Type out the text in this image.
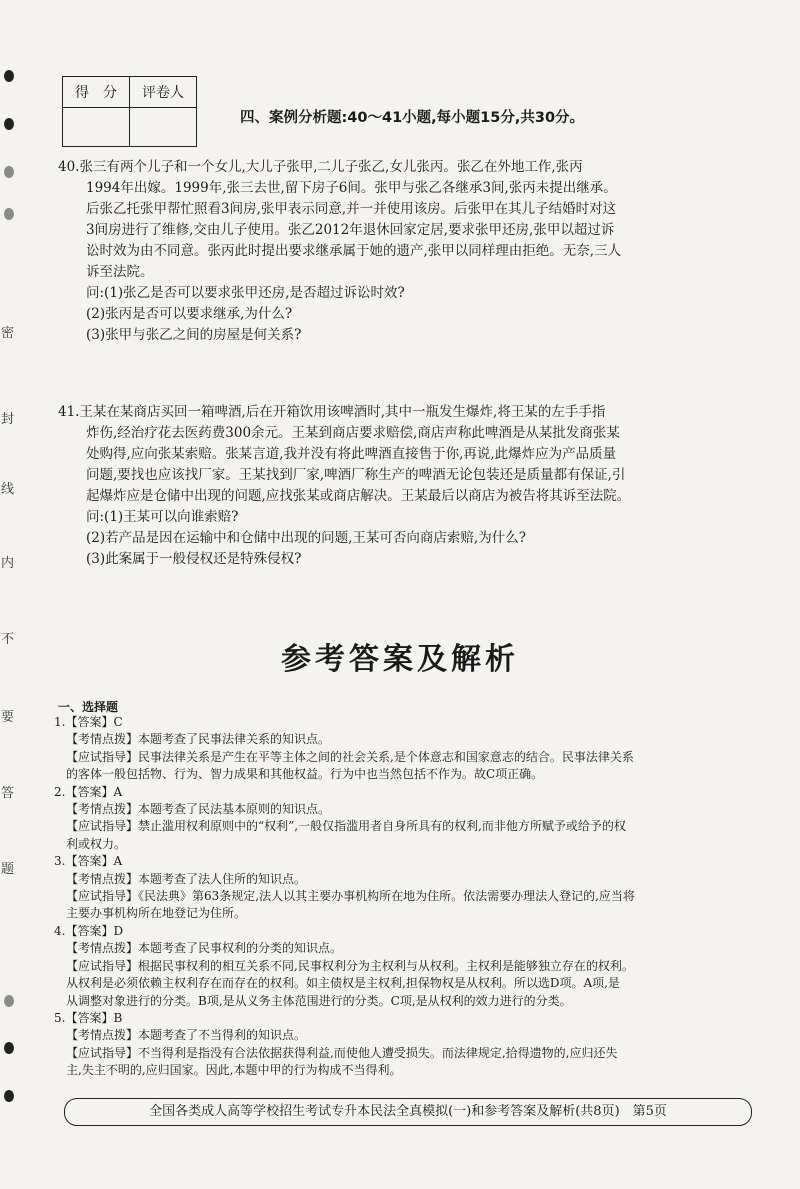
密
封
线
内
不
要
答
题
得　分	评卷人

四、案例分析题:40～41小题,每小题15分,共30分。

40.张三有两个儿子和一个女儿,大儿子张甲,二儿子张乙,女儿张丙。张乙在外地工作,张丙

1994年出嫁。1999年,张三去世,留下房子6间。张甲与张乙各继承3间,张丙未提出继承。

后张乙托张甲帮忙照看3间房,张甲表示同意,并一并使用该房。后张甲在其儿子结婚时对这

3间房进行了维修,交由儿子使用。张乙2012年退休回家定居,要求张甲还房,张甲以超过诉

讼时效为由不同意。张丙此时提出要求继承属于她的遗产,张甲以同样理由拒绝。无奈,三人

诉至法院。

问:(1)张乙是否可以要求张甲还房,是否超过诉讼时效?

(2)张丙是否可以要求继承,为什么?

(3)张甲与张乙之间的房屋是何关系?

41.王某在某商店买回一箱啤酒,后在开箱饮用该啤酒时,其中一瓶发生爆炸,将王某的左手手指

炸伤,经治疗花去医药费300余元。王某到商店要求赔偿,商店声称此啤酒是从某批发商张某

处购得,应向张某索赔。张某言道,我并没有将此啤酒直接售于你,再说,此爆炸应为产品质量

问题,要找也应该找厂家。王某找到厂家,啤酒厂称生产的啤酒无论包装还是质量都有保证,引

起爆炸应是仓储中出现的问题,应找张某或商店解决。王某最后以商店为被告将其诉至法院。

问:(1)王某可以向谁索赔?

(2)若产品是因在运输中和仓储中出现的问题,王某可否向商店索赔,为什么?

(3)此案属于一般侵权还是特殊侵权?

参考答案及解析
一、选择题

1.【答案】C

【考情点拨】本题考查了民事法律关系的知识点。

【应试指导】民事法律关系是产生在平等主体之间的社会关系,是个体意志和国家意志的结合。民事法律关系

的客体一般包括物、行为、智力成果和其他权益。行为中也当然包括不作为。故C项正确。

2.【答案】A

【考情点拨】本题考查了民法基本原则的知识点。

【应试指导】禁止滥用权利原则中的“权利”,一般仅指滥用者自身所具有的权利,而非他方所赋予或给予的权

利或权力。

3.【答案】A

【考情点拨】本题考查了法人住所的知识点。

【应试指导】《民法典》第63条规定,法人以其主要办事机构所在地为住所。依法需要办理法人登记的,应当将

主要办事机构所在地登记为住所。

4.【答案】D

【考情点拨】本题考查了民事权利的分类的知识点。

【应试指导】根据民事权利的相互关系不同,民事权利分为主权利与从权利。主权利是能够独立存在的权利。

从权利是必须依赖主权利存在而存在的权利。如主债权是主权利,担保物权是从权利。所以选D项。A项,是

从调整对象进行的分类。B项,是从义务主体范围进行的分类。C项,是从权利的效力进行的分类。

5.【答案】B

【考情点拨】本题考查了不当得利的知识点。

【应试指导】不当得利是指没有合法依据获得利益,而使他人遭受损失。而法律规定,拾得遗物的,应归还失

主,失主不明的,应归国家。因此,本题中甲的行为构成不当得利。

全国各类成人高等学校招生考试专升本民法全真模拟(一)和参考答案及解析(共8页)　第5页
